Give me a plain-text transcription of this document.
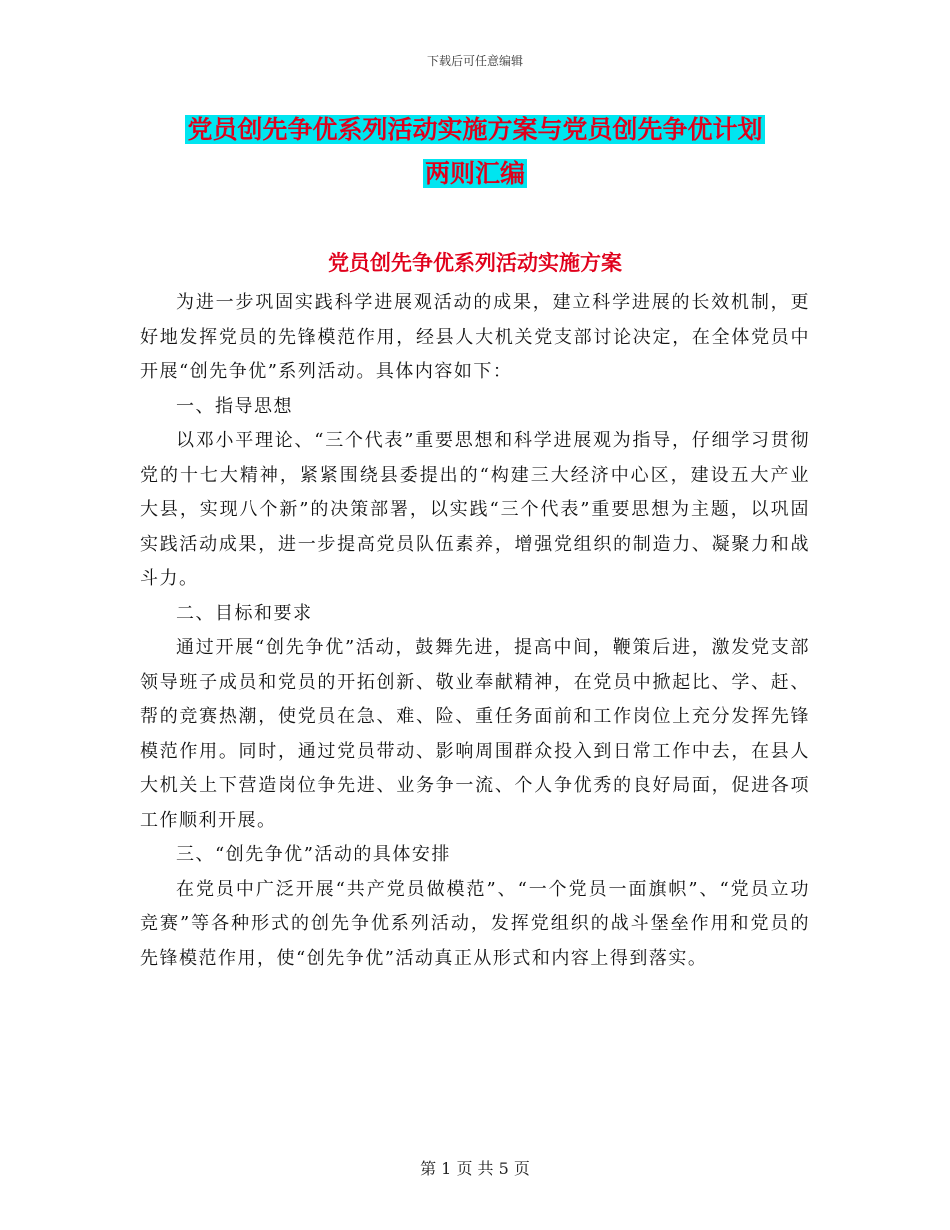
下载后可任意编辑
党员创先争优系列活动实施方案与党员创先争优计划
两则汇编
党员创先争优系列活动实施方案

为进一步巩固实践科学进展观活动的成果，建立科学进展的长效机制，更好地发挥党员的先锋模范作用，经县人大机关党支部讨论决定，在全体党员中开展“创先争优”系列活动。具体内容如下：

一、指导思想

以邓小平理论、“三个代表”重要思想和科学进展观为指导，仔细学习贯彻党的十七大精神，紧紧围绕县委提出的“构建三大经济中心区，建设五大产业大县，实现八个新”的决策部署，以实践“三个代表”重要思想为主题，以巩固实践活动成果，进一步提高党员队伍素养，增强党组织的制造力、凝聚力和战斗力。

二、目标和要求

通过开展“创先争优”活动，鼓舞先进，提高中间，鞭策后进，激发党支部领导班子成员和党员的开拓创新、敬业奉献精神，在党员中掀起比、学、赶、帮的竞赛热潮，使党员在急、难、险、重任务面前和工作岗位上充分发挥先锋模范作用。同时，通过党员带动、影响周围群众投入到日常工作中去，在县人大机关上下营造岗位争先进、业务争一流、个人争优秀的良好局面，促进各项工作顺利开展。

三、“创先争优”活动的具体安排

在党员中广泛开展“共产党员做模范”、“一个党员一面旗帜”、“党员立功竞赛”等各种形式的创先争优系列活动，发挥党组织的战斗堡垒作用和党员的先锋模范作用，使“创先争优”活动真正从形式和内容上得到落实。

第 1 页 共 5 页
